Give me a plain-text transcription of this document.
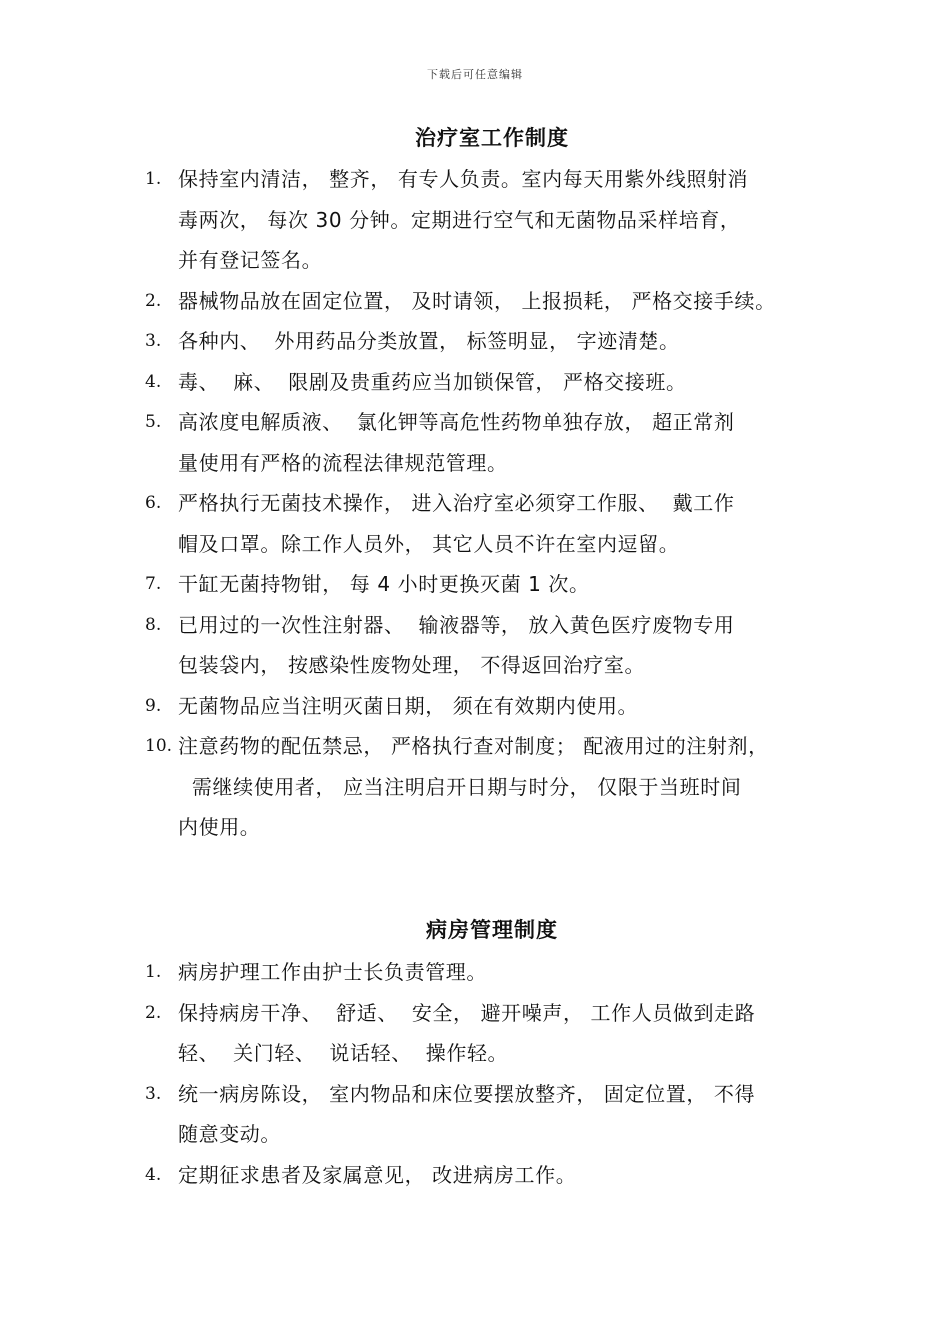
下载后可任意编辑
治疗室工作制度
1. 保持室内清洁， 整齐， 有专人负责。室内每天用紫外线照射消
毒两次， 每次 30 分钟。定期进行空气和无菌物品采样培育，
并有登记签名。
2. 器械物品放在固定位置， 及时请领， 上报损耗， 严格交接手续。
3. 各种内、  外用药品分类放置， 标签明显， 字迹清楚。
4. 毒、  麻、  限剧及贵重药应当加锁保管， 严格交接班。
5. 高浓度电解质液、  氯化钾等高危性药物单独存放， 超正常剂
量使用有严格的流程法律规范管理。
6. 严格执行无菌技术操作， 进入治疗室必须穿工作服、  戴工作
帽及口罩。除工作人员外， 其它人员不许在室内逗留。
7. 干缸无菌持物钳， 每 4 小时更换灭菌 1 次。
8. 已用过的一次性注射器、  输液器等， 放入黄色医疗废物专用
包装袋内， 按感染性废物处理， 不得返回治疗室。
9. 无菌物品应当注明灭菌日期， 须在有效期内使用。
10. 注意药物的配伍禁忌， 严格执行查对制度； 配液用过的注射剂，
需继续使用者， 应当注明启开日期与时分， 仅限于当班时间
内使用。
病房管理制度
1. 病房护理工作由护士长负责管理。
2. 保持病房干净、  舒适、  安全， 避开噪声， 工作人员做到走路
轻、  关门轻、  说话轻、  操作轻。
3. 统一病房陈设， 室内物品和床位要摆放整齐， 固定位置， 不得
随意变动。
4. 定期征求患者及家属意见， 改进病房工作。
